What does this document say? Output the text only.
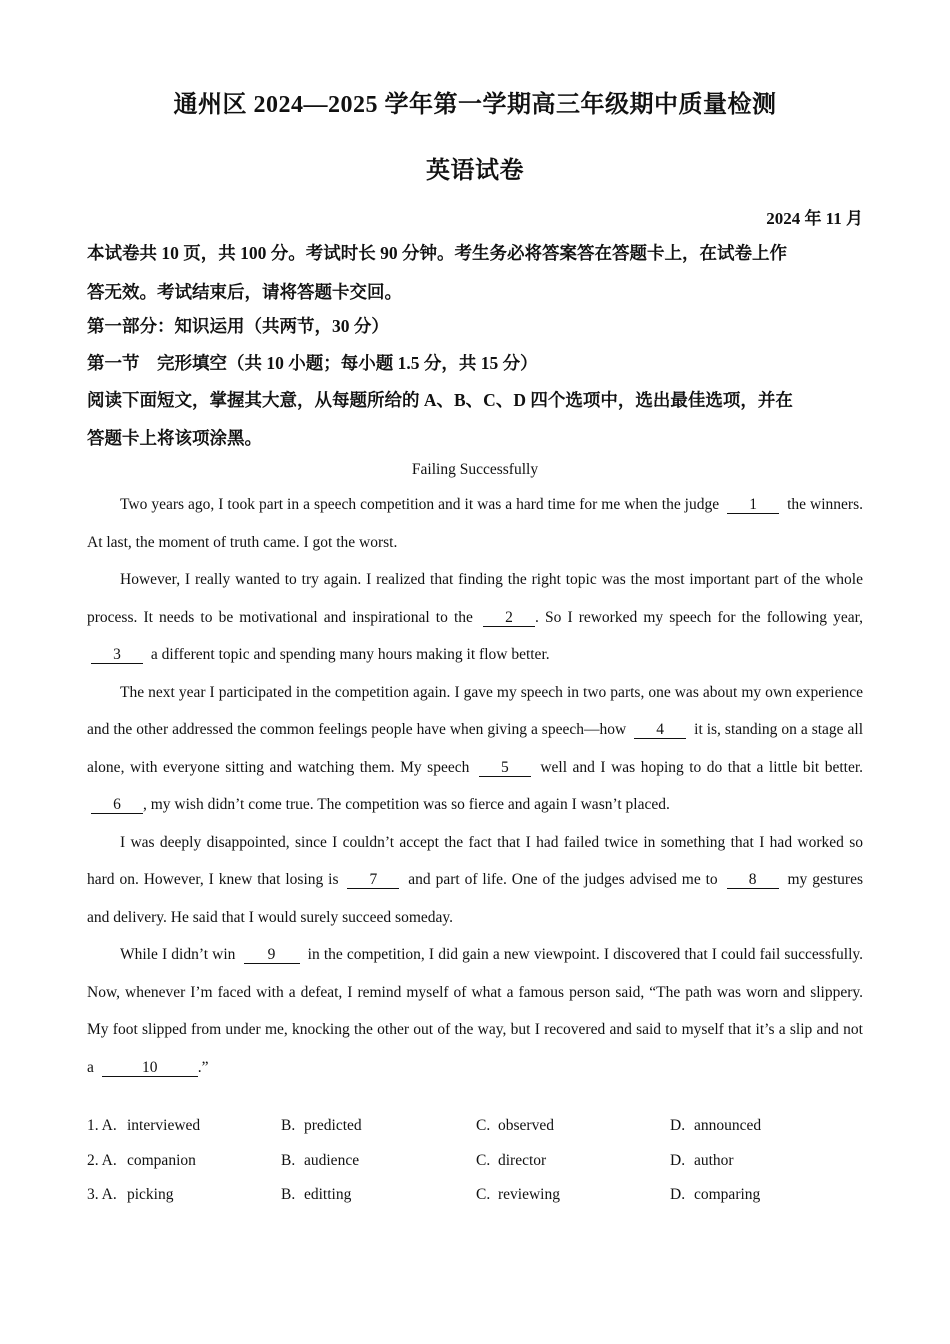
通州区 2024—2025 学年第一学期高三年级期中质量检测
英语试卷
2024 年 11 月
本试卷共 10 页，共 100 分。考试时长 90 分钟。考生务必将答案答在答题卡上，在试卷上作
答无效。考试结束后，请将答题卡交回。
第一部分：知识运用（共两节，30 分）
第一节    完形填空（共 10 小题；每小题 1.5 分，共 15 分）
阅读下面短文，掌握其大意，从每题所给的 A、B、C、D 四个选项中，选出最佳选项，并在
答题卡上将该项涂黑。
Failing Successfully

Two years ago, I took part in a speech competition and it was a hard time for me when the judge 1 the winners. At last, the moment of truth came. I got the worst.

However, I really wanted to try again. I realized that finding the right topic was the most important part of the whole process. It needs to be motivational and inspirational to the 2 . So I reworked my speech for the following year, 3 a different topic and spending many hours making it flow better.

The next year I participated in the competition again. I gave my speech in two parts, one was about my own experience and the other addressed the common feelings people have when giving a speech—how 4 it is, standing on a stage all alone, with everyone sitting and watching them. My speech 5 well and I was hoping to do that a little bit better. 6 , my wish didn’t come true. The competition was so fierce and again I wasn’t placed.

I was deeply disappointed, since I couldn’t accept the fact that I had failed twice in something that I had worked so hard on. However, I knew that losing is 7 and part of life. One of the judges advised me to 8 my gestures and delivery. He said that I would surely succeed someday.

While I didn’t win 9 in the competition, I did gain a new viewpoint. I discovered that I could fail successfully. Now, whenever I’m faced with a defeat, I remind myself of what a famous person said, “The path was worn and slippery. My foot slipped from under me, knocking the other out of the way, but I recovered and said to myself that it’s a slip and not a	10	.”

1. A. interviewed	B. predicted	C. observed	D. announced
2. A. companion	B. audience	C. director	D. author
3. A. picking	B. editting	C. reviewing	D. comparing
